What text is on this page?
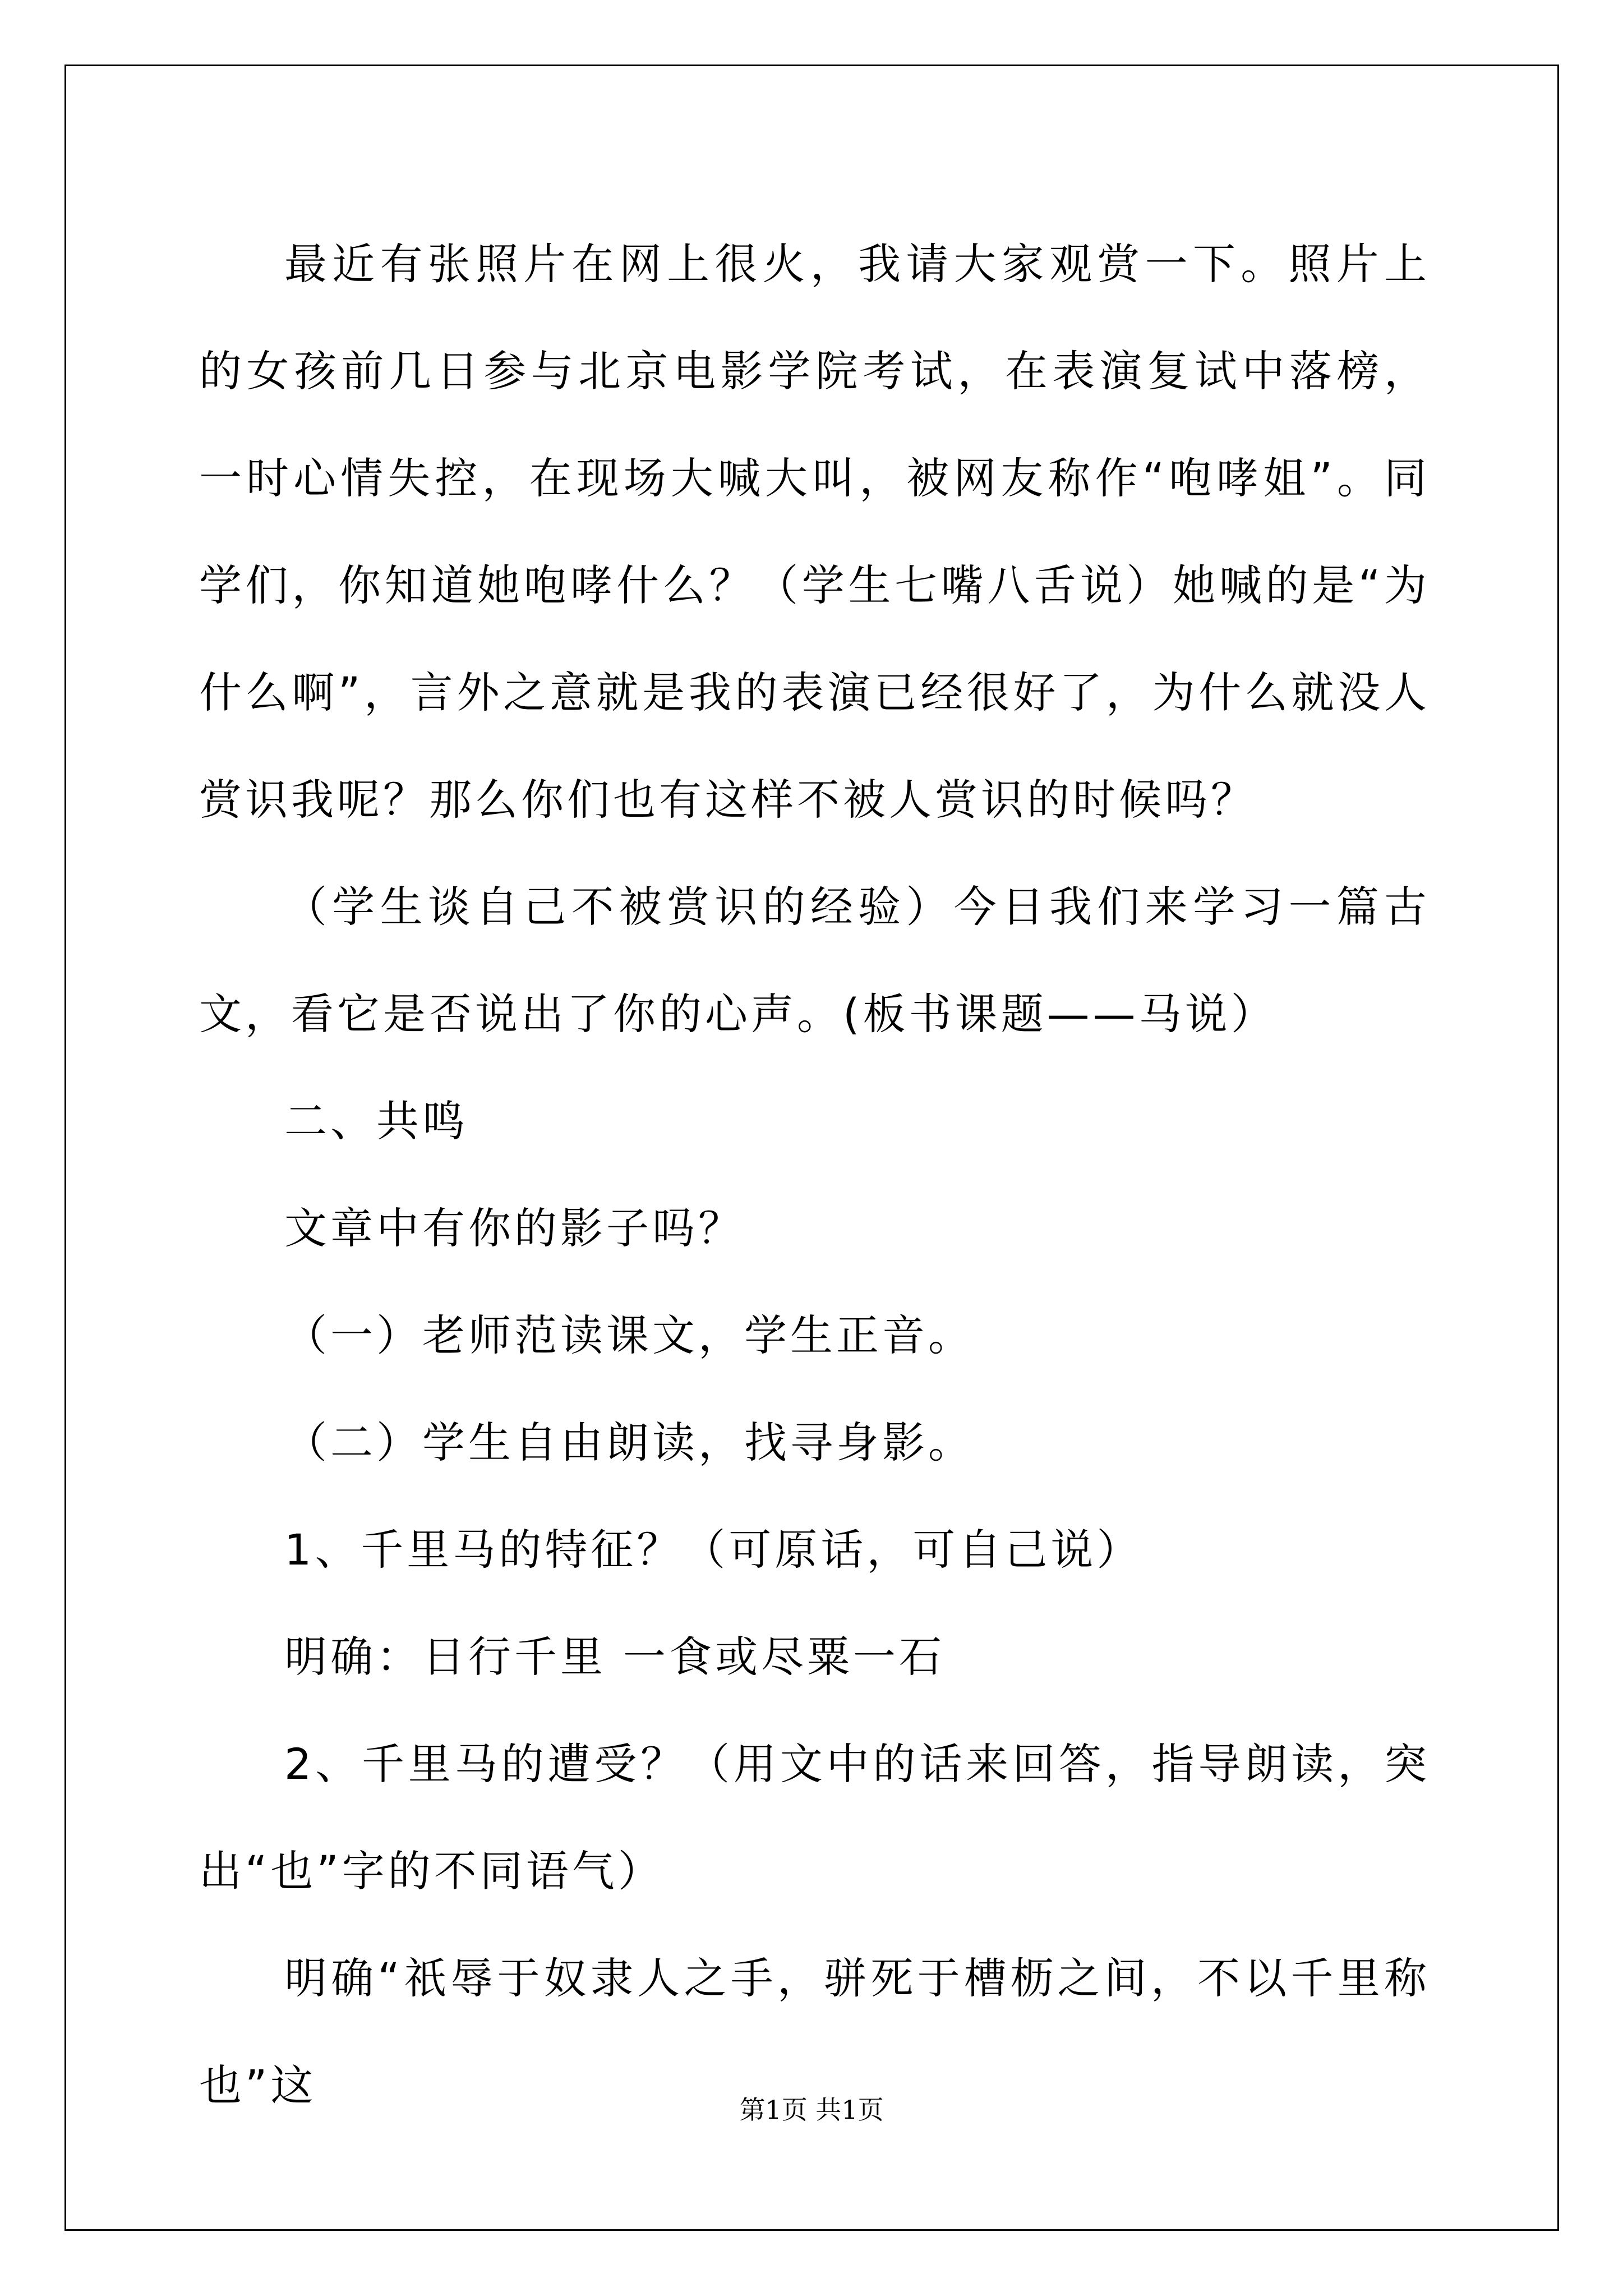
最近有张照片在网上很火，我请大家观赏一下。照片上的女孩前几日参与北京电影学院考试，在表演复试中落榜，一时心情失控，在现场大喊大叫，被网友称作“咆哮姐”。同学们，你知道她咆哮什么？（学生七嘴八舌说）她喊的是“为什么啊”，言外之意就是我的表演已经很好了，为什么就没人赏识我呢？那么你们也有这样不被人赏识的时候吗？

（学生谈自己不被赏识的经验）今日我们来学习一篇古文，看它是否说出了你的心声。(板书课题——马说）

二、共鸣

文章中有你的影子吗？

（一）老师范读课文，学生正音。

（二）学生自由朗读，找寻身影。

1、千里马的特征？（可原话，可自己说）

明确：日行千里 一食或尽粟一石

2、千里马的遭受？（用文中的话来回答，指导朗读，突出“也”字的不同语气）

明确“祇辱于奴隶人之手，骈死于槽枥之间，不以千里称也”这	第1页 共1页
